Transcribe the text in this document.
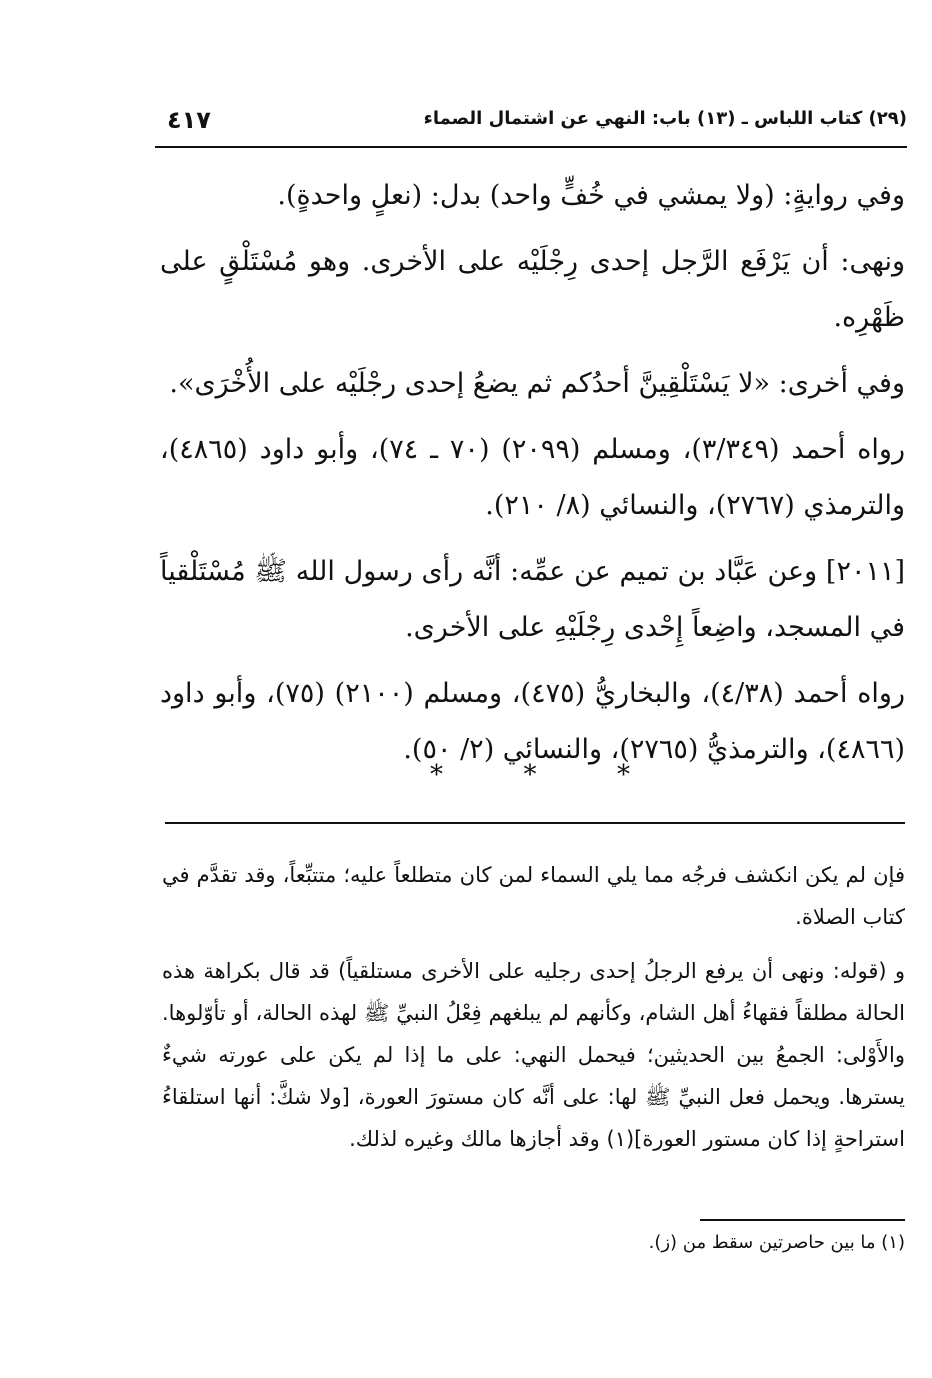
٤١٧	(٢٩) كتاب اللباس ـ (١٣) باب: النهي عن اشتمال الصماء

وفي روايةٍ: (ولا يمشي في خُفٍّ واحد) بدل: (نعلٍ واحدةٍ).

ونهى: أن يَرْفَع الرَّجل إحدى رِجْلَيْه على الأخرى. وهو مُسْتَلْقٍ على ظَهْرِه.

وفي أخرى: «لا يَسْتَلْقِينَّ أحدُكم ثم يضعُ إحدى رجْلَيْه على الأُخْرَى».

رواه أحمد (٣/٣٤٩)، ومسلم (٢٠٩٩) (٧٠ ـ ٧٤)، وأبو داود (٤٨٦٥)، والترمذي (٢٧٦٧)، والنسائي (٨/ ٢١٠).

[٢٠١١] وعن عَبَّاد بن تميم عن عمِّه: أنَّه رأى رسول الله ﷺ مُسْتَلْقياً في المسجد، واضِعاً إِحْدى رِجْلَيْهِ على الأخرى.

رواه أحمد (٤/٣٨)، والبخاريُّ (٤٧٥)، ومسلم (٢١٠٠) (٧٥)، وأبو داود (٤٨٦٦)، والترمذيُّ (٢٧٦٥)، والنسائي (٢/ ٥٠).

*	*	*

فإن لم يكن انكشف فرجُه مما يلي السماء لمن كان متطلعاً عليه؛ متتبِّعاً، وقد تقدَّم في كتاب الصلاة.

و (قوله: ونهى أن يرفع الرجلُ إحدى رجليه على الأخرى مستلقياً) قد قال بكراهة هذه الحالة مطلقاً فقهاءُ أهل الشام، وكأنهم لم يبلغهم فِعْلُ النبيِّ ﷺ لهذه الحالة، أو تأوّلوها. والأَوْلى: الجمعُ بين الحديثين؛ فيحمل النهي: على ما إذا لم يكن على عورته شيءٌ يسترها. ويحمل فعل النبيِّ ﷺ لها: على أنَّه كان مستورَ العورة، [ولا شكَّ: أنها استلقاءُ استراحةٍ إذا كان مستور العورة](١) وقد أجازها مالك وغيره لذلك.

(١) ما بين حاصرتين سقط من (ز).
